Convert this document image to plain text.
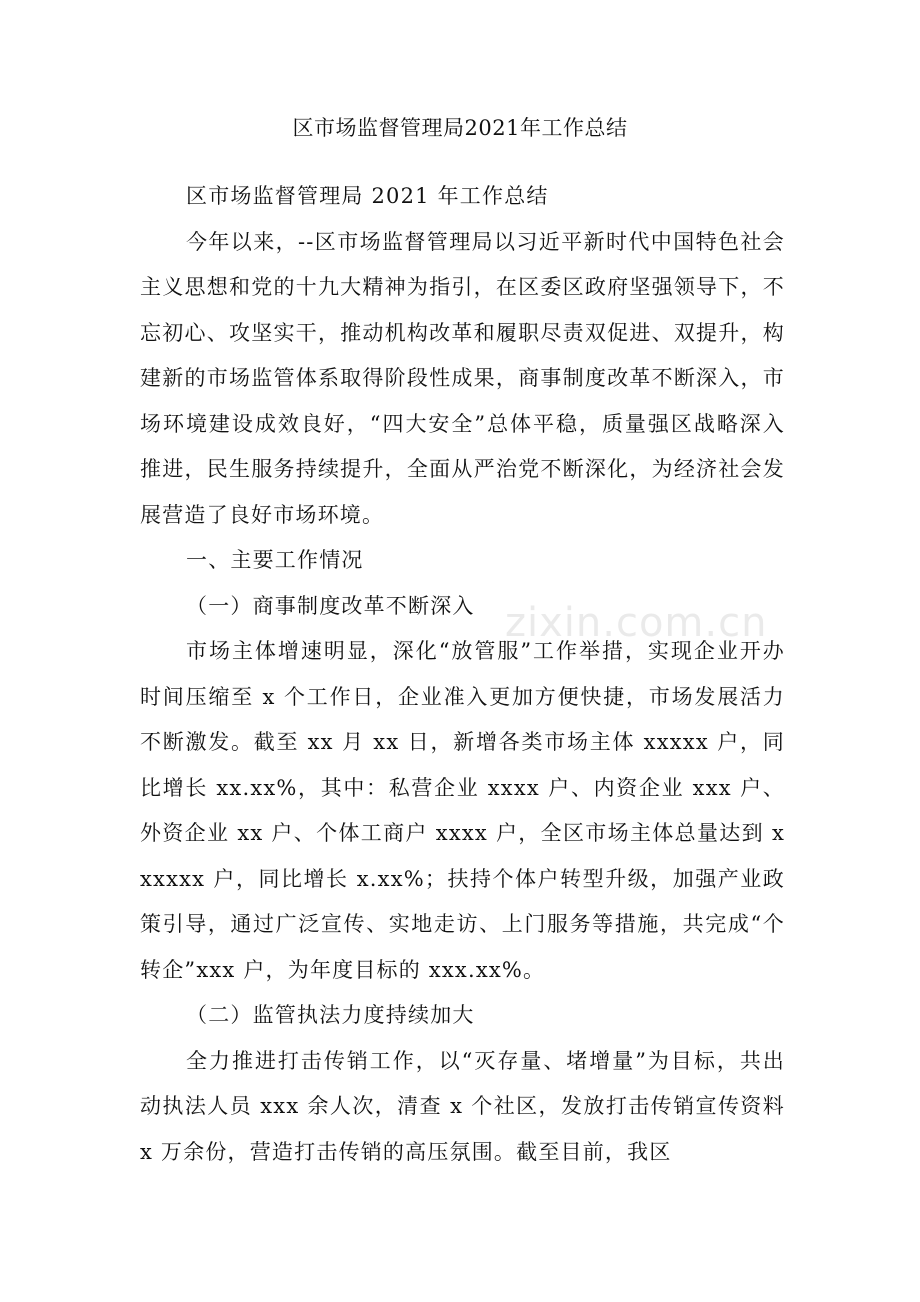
区市场监督管理局2021年工作总结

区市场监督管理局 2021 年工作总结

今年以来，--区市场监督管理局以习近平新时代中国特色社会主义思想和党的十九大精神为指引，在区委区政府坚强领导下，不忘初心、攻坚实干，推动机构改革和履职尽责双促进、双提升，构建新的市场监管体系取得阶段性成果，商事制度改革不断深入，市场环境建设成效良好，“四大安全”总体平稳，质量强区战略深入推进，民生服务持续提升，全面从严治党不断深化，为经济社会发展营造了良好市场环境。

一、主要工作情况

（一）商事制度改革不断深入

市场主体增速明显，深化“放管服”工作举措，实现企业开办时间压缩至 x 个工作日，企业准入更加方便快捷，市场发展活力不断激发。截至 xx 月 xx 日，新增各类市场主体 xxxxx 户，同比增长 xx.xx%，其中：私营企业 xxxx 户、内资企业 xxx 户、外资企业 xx 户、个体工商户 xxxx 户，全区市场主体总量达到 xxxxxx 户，同比增长 x.xx%；扶持个体户转型升级，加强产业政策引导，通过广泛宣传、实地走访、上门服务等措施，共完成“个转企”xxx 户，为年度目标的 xxx.xx%。

（二）监管执法力度持续加大

全力推进打击传销工作，以“灭存量、堵增量”为目标，共出动执法人员 xxx 余人次，清查 x 个社区，发放打击传销宣传资料 x 万余份，营造打击传销的高压氛围。截至目前，我区

zixin.com.cn
